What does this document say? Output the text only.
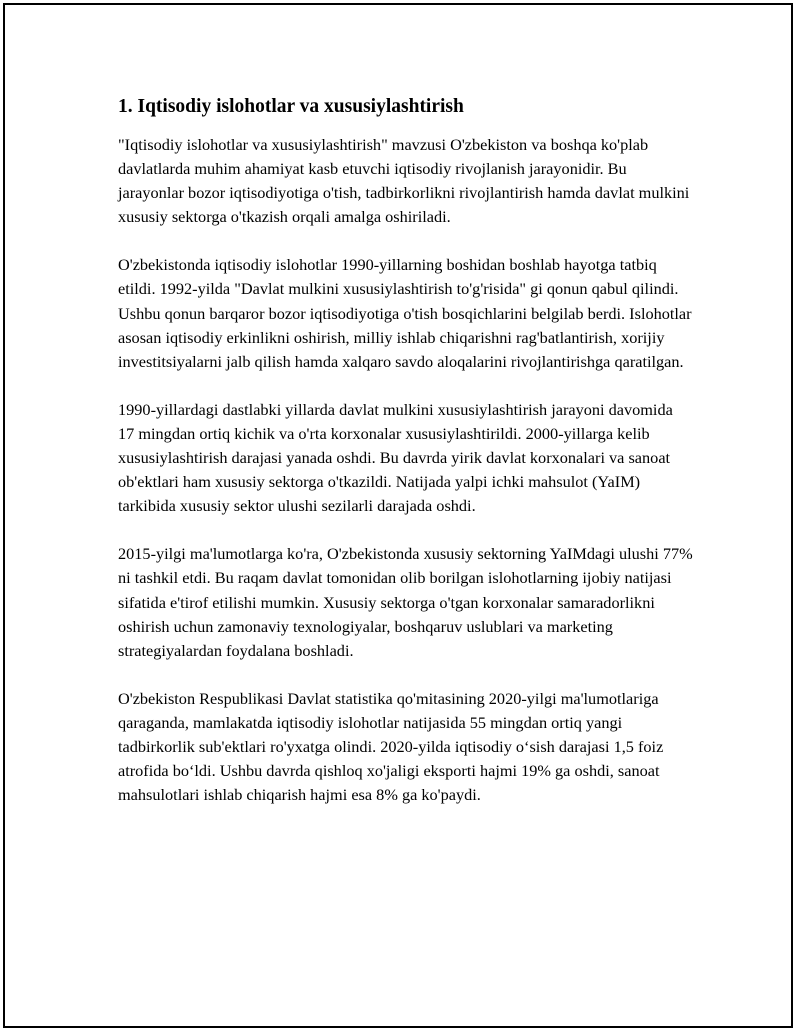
1. Iqtisodiy islohotlar va xususiylashtirish

"Iqtisodiy islohotlar va xususiylashtirish" mavzusi O'zbekiston va boshqa ko'plab davlatlarda muhim ahamiyat kasb etuvchi iqtisodiy rivojlanish jarayonidir. Bu jarayonlar bozor iqtisodiyotiga o'tish, tadbirkorlikni rivojlantirish hamda davlat mulkini xususiy sektorga o'tkazish orqali amalga oshiriladi.

O'zbekistonda iqtisodiy islohotlar 1990-yillarning boshidan boshlab hayotga tatbiq etildi. 1992-yilda "Davlat mulkini xususiylashtirish to'g'risida" gi qonun qabul qilindi. Ushbu qonun barqaror bozor iqtisodiyotiga o'tish bosqichlarini belgilab berdi. Islohotlar asosan iqtisodiy erkinlikni oshirish, milliy ishlab chiqarishni rag'batlantirish, xorijiy investitsiyalarni jalb qilish hamda xalqaro savdo aloqalarini rivojlantirishga qaratilgan.

1990-yillardagi dastlabki yillarda davlat mulkini xususiylashtirish jarayoni davomida 17 mingdan ortiq kichik va o'rta korxonalar xususiylashtirildi. 2000-yillarga kelib xususiylashtirish darajasi yanada oshdi. Bu davrda yirik davlat korxonalari va sanoat ob'ektlari ham xususiy sektorga o'tkazildi. Natijada yalpi ichki mahsulot (YaIM) tarkibida xususiy sektor ulushi sezilarli darajada oshdi.

2015-yilgi ma'lumotlarga ko'ra, O'zbekistonda xususiy sektorning YaIMdagi ulushi 77% ni tashkil etdi. Bu raqam davlat tomonidan olib borilgan islohotlarning ijobiy natijasi sifatida e'tirof etilishi mumkin. Xususiy sektorga o'tgan korxonalar samaradorlikni oshirish uchun zamonaviy texnologiyalar, boshqaruv uslublari va marketing strategiyalardan foydalana boshladi.

O'zbekiston Respublikasi Davlat statistika qo'mitasining 2020-yilgi ma'lumotlariga qaraganda, mamlakatda iqtisodiy islohotlar natijasida 55 mingdan ortiq yangi tadbirkorlik sub'ektlari ro'yxatga olindi. 2020-yilda iqtisodiy o‘sish darajasi 1,5 foiz atrofida bo‘ldi. Ushbu davrda qishloq xo'jaligi eksporti hajmi 19% ga oshdi, sanoat mahsulotlari ishlab chiqarish hajmi esa 8% ga ko'paydi.
